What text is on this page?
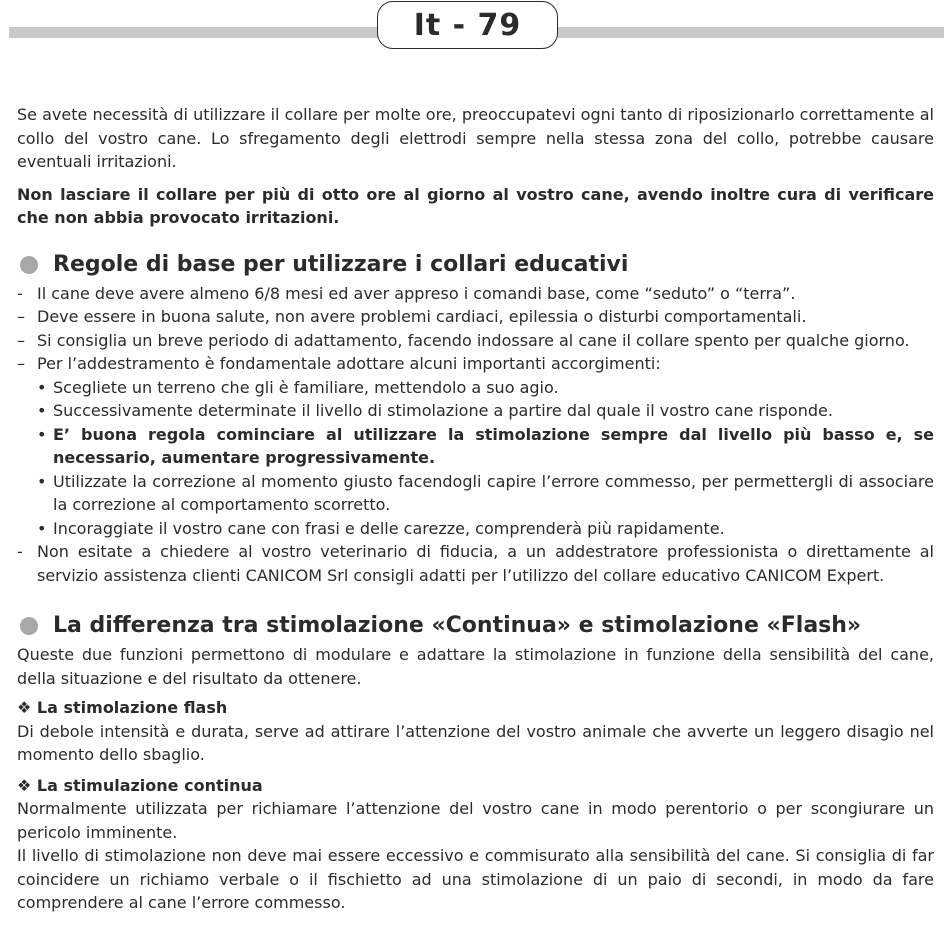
It - 79

Se avete necessità di utilizzare il collare per molte ore, preoccupatevi ogni tanto di riposizionarlo correttamente al collo del vostro cane. Lo sfregamento degli elettrodi sempre nella stessa zona del collo, potrebbe causare eventuali irritazioni.

Non lasciare il collare per più di otto ore al giorno al vostro cane, avendo inoltre cura di verificare che non abbia provocato irritazioni.

Regole di base per utilizzare i collari educativi
- Il cane deve avere almeno 6/8 mesi ed aver appreso i comandi base, come “seduto” o “terra”.
– Deve essere in buona salute, non avere problemi cardiaci, epilessia o disturbi comportamentali.
– Si consiglia un breve periodo di adattamento, facendo indossare al cane il collare spento per qualche giorno.
– Per l’addestramento è fondamentale adottare alcuni importanti accorgimenti:
• Scegliete un terreno che gli è familiare, mettendolo a suo agio.
• Successivamente determinate il livello di stimolazione a partire dal quale il vostro cane risponde.
• E’ buona regola cominciare al utilizzare la stimolazione sempre dal livello più basso e, se necessario, aumentare progressivamente.
• Utilizzate la correzione al momento giusto facendogli capire l’errore commesso, per permettergli di associare la correzione al comportamento scorretto.
• Incoraggiate il vostro cane con frasi e delle carezze, comprenderà più rapidamente.
- Non esitate a chiedere al vostro veterinario di fiducia, a un addestratore professionista o direttamente al servizio assistenza clienti CANICOM Srl consigli adatti per l’utilizzo del collare educativo CANICOM Expert.
La differenza tra stimolazione «Continua» e stimolazione «Flash»

Queste due funzioni permettono di modulare e adattare la stimolazione in funzione della sensibilità del cane, della situazione e del risultato da ottenere.

❖ La stimolazione flash

Di debole intensità e durata, serve ad attirare l’attenzione del vostro animale che avverte un leggero disagio nel momento dello sbaglio.

❖ La stimulazione continua

Normalmente utilizzata per richiamare l’attenzione del vostro cane in modo perentorio o per scongiurare un pericolo imminente.

Il livello di stimolazione non deve mai essere eccessivo e commisurato alla sensibilità del cane. Si consiglia di far coincidere un richiamo verbale o il fischietto ad una stimolazione di un paio di secondi, in modo da fare comprendere al cane l’errore commesso.
